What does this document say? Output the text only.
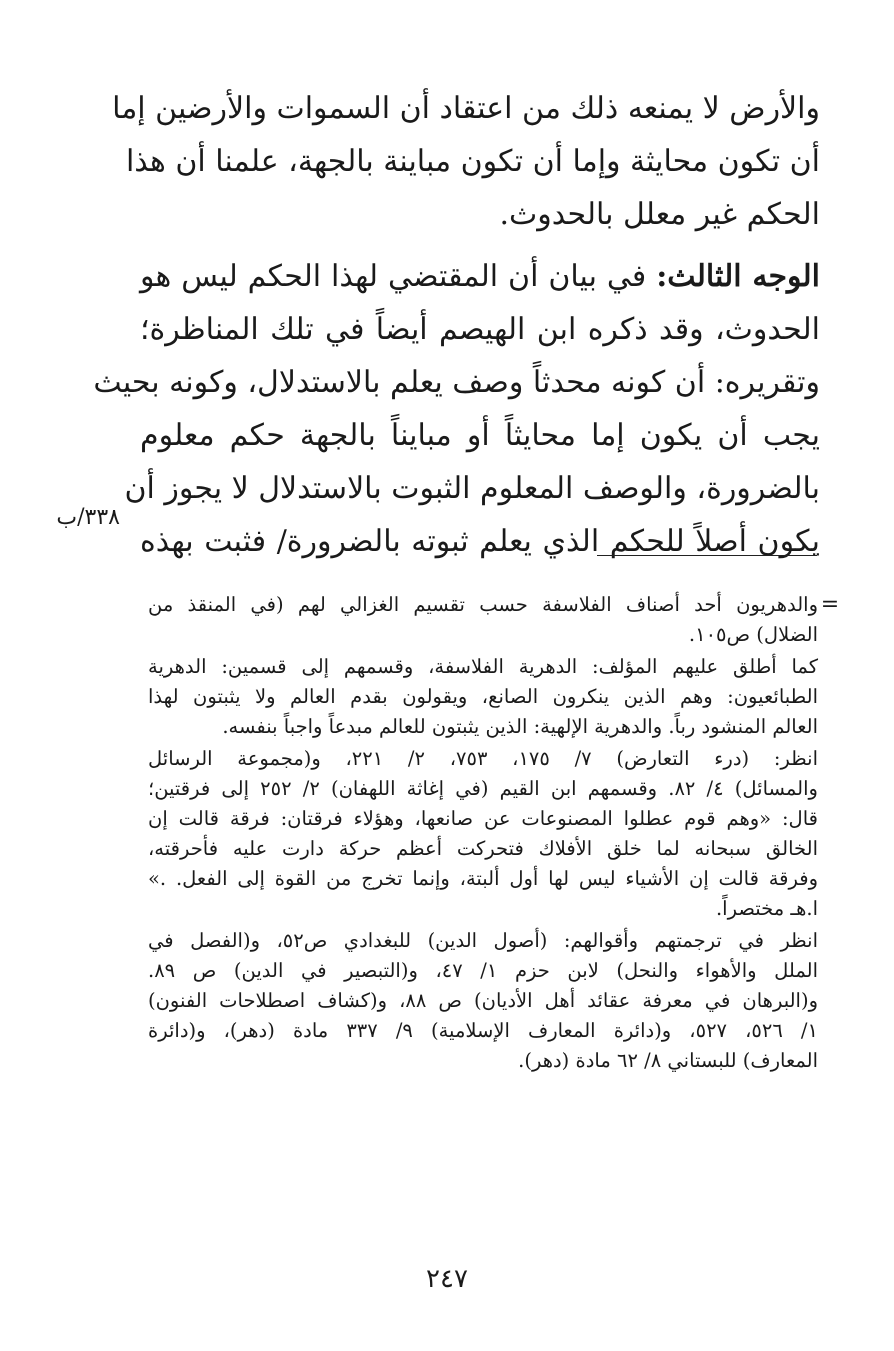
والأرض لا يمنعه ذلك من اعتقاد أن السموات والأرضين إما
أن تكون محايثة وإما أن تكون مباينة بالجهة، علمنا أن هذا
الحكم غير معلل بالحدوث.

الوجه الثالث: في بيان أن المقتضي لهذا الحكم ليس هو
الحدوث، وقد ذكره ابن الهيصم أيضاً في تلك المناظرة؛
وتقريره: أن كونه محدثاً وصف يعلم بالاستدلال، وكونه بحيث
يجب أن يكون إما محايثاً أو مبايناً بالجهة حكم معلوم
بالضرورة، والوصف المعلوم الثبوت بالاستدلال لا يجوز أن
يكون أصلاً للحكم الذي يعلم ثبوته بالضرورة/ فثبت بهذه

٣٣٨/ب
=

والدهريون أحد أصناف الفلاسفة حسب تقسيم الغزالي لهم (في المنقذ من
الضلال) ص١٠٥.

كما أطلق عليهم المؤلف: الدهرية الفلاسفة، وقسمهم إلى قسمين: الدهرية
الطبائعيون: وهم الذين ينكرون الصانع، ويقولون بقدم العالم ولا يثبتون لهذا
العالم المنشود رباً. والدهرية الإلهية: الذين يثبتون للعالم مبدعاً واجباً بنفسه.

انظر: (درء التعارض) ٧/ ١٧٥، ٧٥٣، ٢/ ٢٢١، و(مجموعة الرسائل
والمسائل) ٤/ ٨٢. وقسمهم ابن القيم (في إغاثة اللهفان) ٢/ ٢٥٢ إلى فرقتين؛
قال: «وهم قوم عطلوا المصنوعات عن صانعها، وهؤلاء فرقتان: فرقة قالت إن
الخالق سبحانه لما خلق الأفلاك فتحركت أعظم حركة دارت عليه فأحرقته،
وفرقة قالت إن الأشياء ليس لها أول ألبتة، وإنما تخرج من القوة إلى الفعل. .»
ا.هـ مختصراً.

انظر في ترجمتهم وأقوالهم: (أصول الدين) للبغدادي ص٥٢، و(الفصل في
الملل والأهواء والنحل) لابن حزم ١/ ٤٧، و(التبصير في الدين) ص ٨٩.
و(البرهان في معرفة عقائد أهل الأديان) ص ٨٨، و(كشاف اصطلاحات الفنون)
١/ ٥٢٦، ٥٢٧، و(دائرة المعارف الإسلامية) ٩/ ٣٣٧ مادة (دهر)، و(دائرة
المعارف) للبستاني ٨/ ٦٢ مادة (دهر).

٢٤٧
